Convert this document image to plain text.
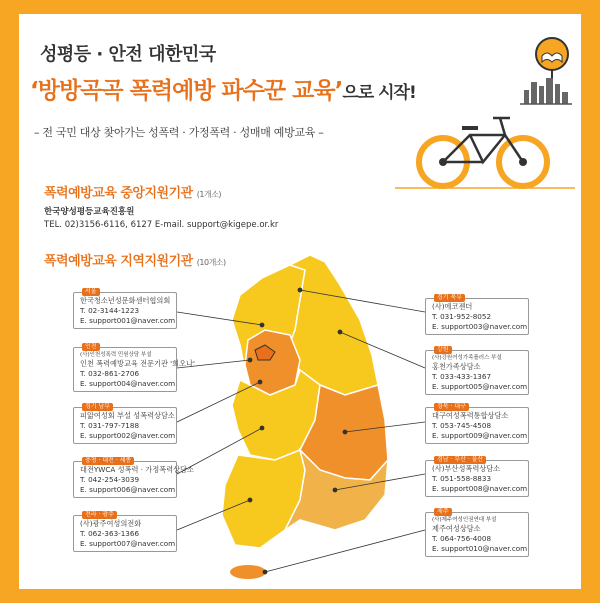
성평등 · 안전 대한민국
‘방방곡곡 폭력예방 파수꾼 교육’으로 시작!
– 전 국민 대상 찾아가는 성폭력 · 가정폭력 · 성매매 예방교육 –
폭력예방교육 중앙지원기관 (1개소)
한국양성평등교육진흥원
TEL. 02)3156-6116, 6127 E-mail. support@kigepe.or.kr
폭력예방교육 지역지원기관 (10개소)
서울
한국청소년성문화센터협의회
T. 02-3144-1223
E. support001@naver.com
인천
(사)인천성폭력 민원상담 부설
인천 폭력예방교육 전문기관 '희오나'
T. 032-861-2706
E. support004@naver.com
경기 남부
피앎여성회 부설 성폭력상담소
T. 031-797-7188
E. support002@naver.com
충청 · 대전 · 세종
대전YWCA 성폭력 · 가정폭력상담소
T. 042-254-3039
E. support006@naver.com
전라 · 광주
(사)광주여성의전화
T. 062-363-1366
E. support007@naver.com
경기 북부
(사)에코젠더
T. 031-952-8052
E. support003@naver.com
강원
(사)강원여성가족플러스 부설
홍천가족상담소
T. 033-433-1367
E. support005@naver.com
경북 · 대구
대구여성폭력통합상담소
T. 053-745-4508
E. support009@naver.com
경남 · 부산 · 울산
(사)부산성폭력상담소
T. 051-558-8833
E. support008@naver.com
제주
(사)제주여성인권연대 부설
제주여성상담소
T. 064-756-4008
E. support010@naver.com
